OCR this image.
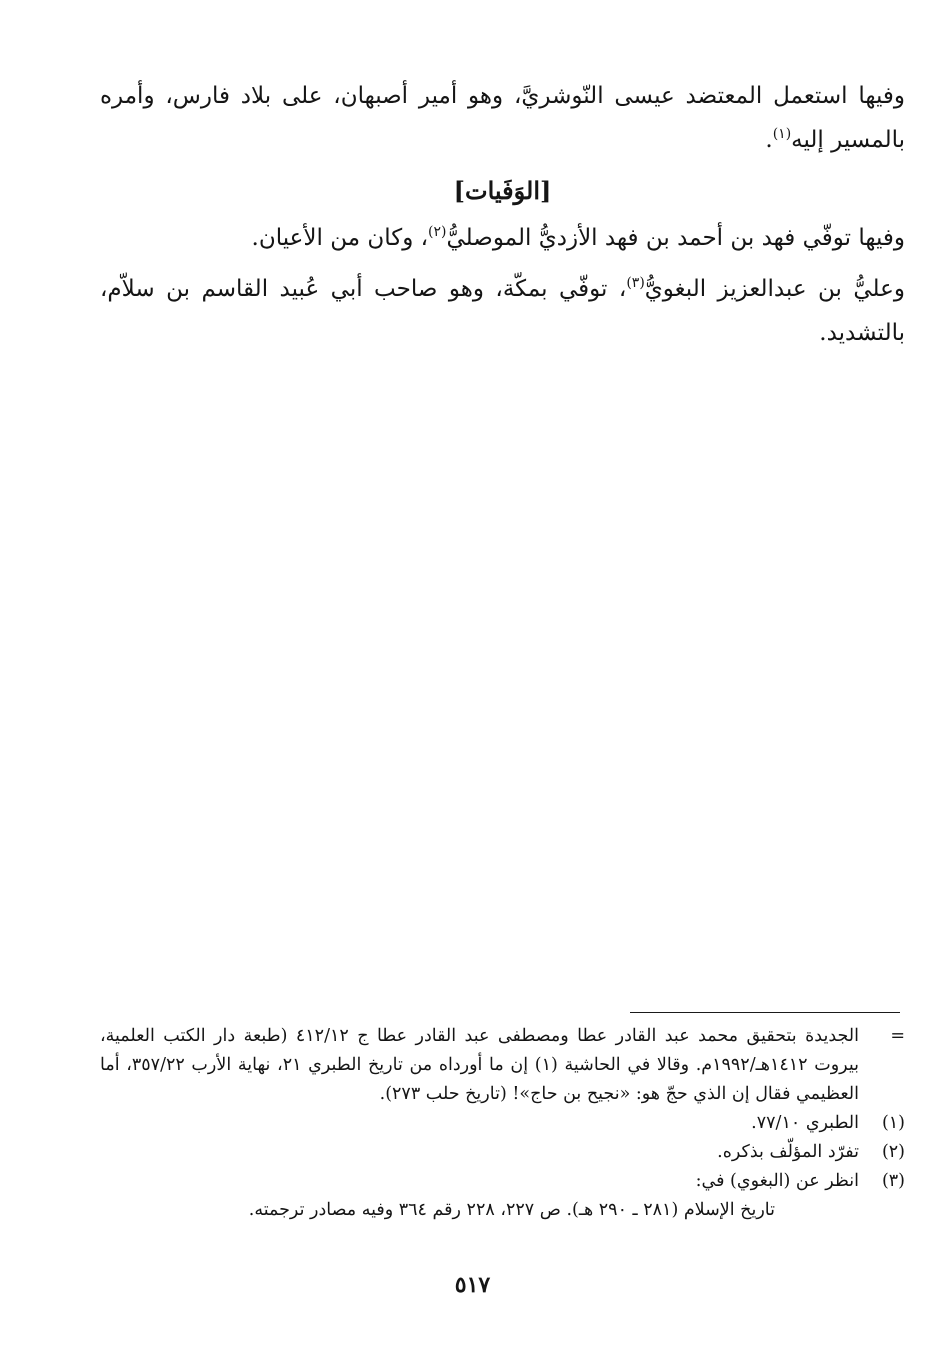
وفيها استعمل المعتضد عيسى النّوشريَّ، وهو أمير أصبهان، على بلاد فارس، وأمره بالمسير إليه$^{(١)}$.

[الوَفَيات]

وفيها توفّي فهد بن أحمد بن فهد الأزديُّ الموصليُّ$^{(٢)}$، وكان من الأعيان.

وعليُّ بن عبدالعزيز البغويُّ$^{(٣)}$، توفّي بمكّة، وهو صاحب أبي عُبيد القاسم بن سلاّم، بالتشديد.

=
الجديدة بتحقيق محمد عبد القادر عطا ومصطفى عبد القادر عطا ج ٤١٢/١٢ (طبعة دار الكتب العلمية، بيروت ١٤١٢هـ/١٩٩٢م. وقالا في الحاشية (١) إن ما أورداه من تاريخ الطبري ٢١، نهاية الأرب ٣٥٧/٢٢، أما العظيمي فقال إن الذي حجّ هو: «نجيح بن حاج»! (تاريخ حلب ٢٧٣).
(١)
الطبري ٧٧/١٠.
(٢)
تفرّد المؤلّف بذكره.
(٣)
انظر عن (البغوي) في:
تاريخ الإسلام (٢٨١ ـ ٢٩٠ هـ). ص ٢٢٧، ٢٢٨ رقم ٣٦٤ وفيه مصادر ترجمته.
٥١٧
